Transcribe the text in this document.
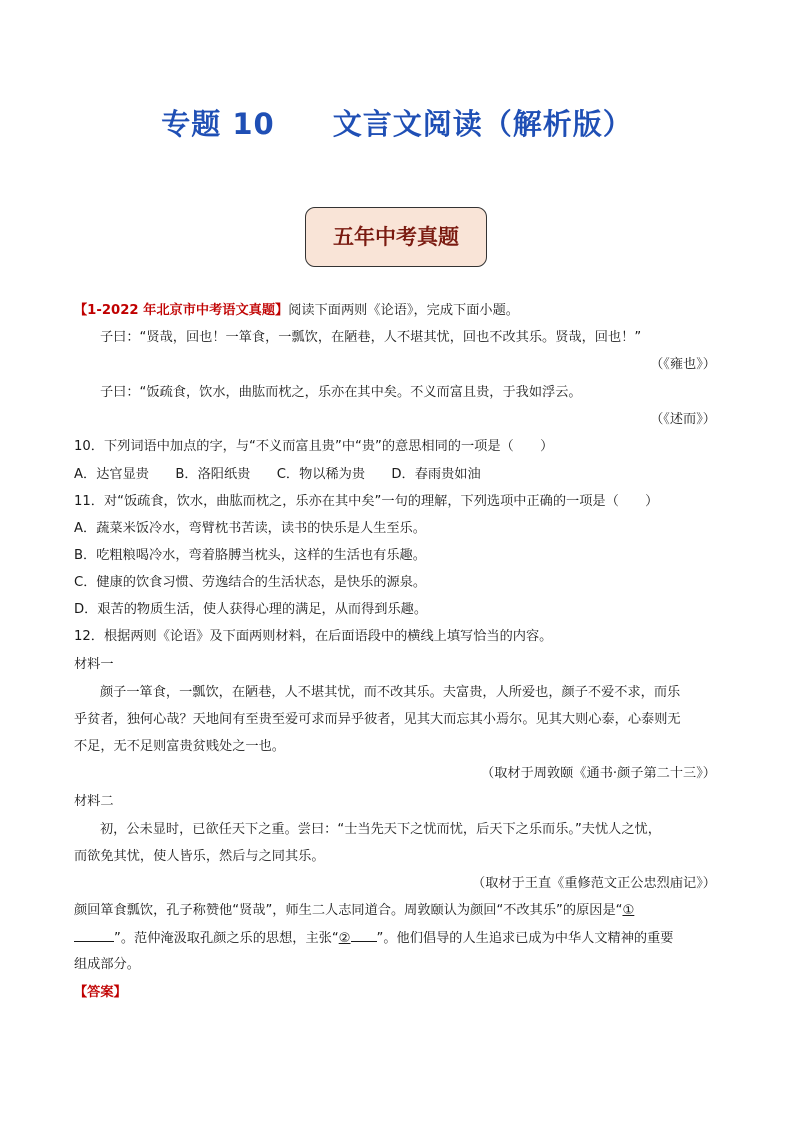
专题 10 文言文阅读（解析版）
五年中考真题
【1-2022 年北京市中考语文真题】阅读下面两则《论语》，完成下面小题。
子曰：“贤哉，回也！一箪食，一瓢饮，在陋巷，人不堪其忧，回也不改其乐。贤哉，回也！”
（《雍也》）
子曰：“饭疏食，饮水，曲肱而枕之，乐亦在其中矣。不义而富且贵，于我如浮云。
（《述而》）
10．下列词语中加点的字，与“不义而富且贵”中“贵”的意思相同的一项是（　　）
A．达官显贵　　B．洛阳纸贵　　C．物以稀为贵　　D．春雨贵如油
11．对“饭疏食，饮水，曲肱而枕之，乐亦在其中矣”一句的理解，下列选项中正确的一项是（　　）
A．蔬菜米饭冷水，弯臂枕书苦读，读书的快乐是人生至乐。
B．吃粗粮喝冷水，弯着胳膊当枕头，这样的生活也有乐趣。
C．健康的饮食习惯、劳逸结合的生活状态，是快乐的源泉。
D．艰苦的物质生活，使人获得心理的满足，从而得到乐趣。
12．根据两则《论语》及下面两则材料，在后面语段中的横线上填写恰当的内容。
材料一
颜子一箪食，一瓢饮，在陋巷，人不堪其忧，而不改其乐。夫富贵，人所爱也，颜子不爱不求，而乐
乎贫者，独何心哉？天地间有至贵至爱可求而异乎彼者，见其大而忘其小焉尔。见其大则心泰，心泰则无
不足，无不足则富贵贫贱处之一也。
（取材于周敦颐《通书·颜子第二十三》）
材料二
初，公未显时，已欲任天下之重。尝曰：“士当先天下之忧而忧，后天下之乐而乐。”夫忧人之忧，
而欲免其忧，使人皆乐，然后与之同其乐。
（取材于王直《重修范文正公忠烈庙记》）
颜回箪食瓢饮，孔子称赞他“贤哉”，师生二人志同道合。周敦颐认为颜回“不改其乐”的原因是“①
”。范仲淹汲取孔颜之乐的思想，主张“② ”。他们倡导的人生追求已成为中华人文精神的重要
组成部分。
【答案】
